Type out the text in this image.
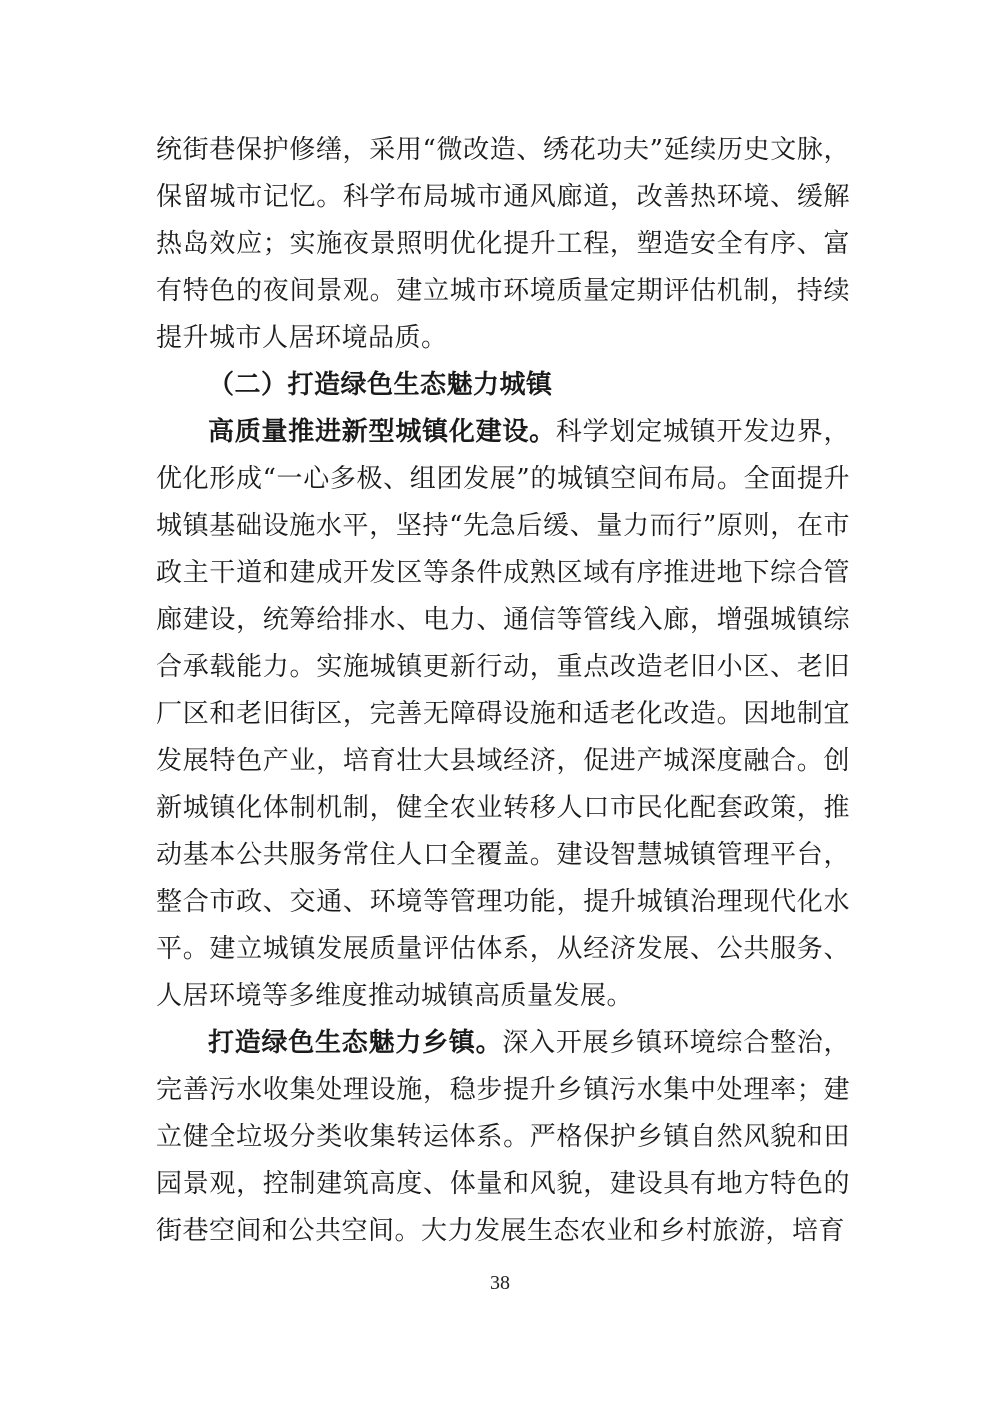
统街巷保护修缮，采用“微改造、绣花功夫”延续历史文脉，保留城市记忆。科学布局城市通风廊道，改善热环境、缓解热岛效应；实施夜景照明优化提升工程，塑造安全有序、富有特色的夜间景观。建立城市环境质量定期评估机制，持续提升城市人居环境品质。

（二）打造绿色生态魅力城镇

高质量推进新型城镇化建设。科学划定城镇开发边界，优化形成“一心多极、组团发展”的城镇空间布局。全面提升城镇基础设施水平，坚持“先急后缓、量力而行”原则，在市政主干道和建成开发区等条件成熟区域有序推进地下综合管廊建设，统筹给排水、电力、通信等管线入廊，增强城镇综合承载能力。实施城镇更新行动，重点改造老旧小区、老旧厂区和老旧街区，完善无障碍设施和适老化改造。因地制宜发展特色产业，培育壮大县域经济，促进产城深度融合。创新城镇化体制机制，健全农业转移人口市民化配套政策，推动基本公共服务常住人口全覆盖。建设智慧城镇管理平台，整合市政、交通、环境等管理功能，提升城镇治理现代化水平。建立城镇发展质量评估体系，从经济发展、公共服务、人居环境等多维度推动城镇高质量发展。

打造绿色生态魅力乡镇。深入开展乡镇环境综合整治，完善污水收集处理设施，稳步提升乡镇污水集中处理率；建立健全垃圾分类收集转运体系。严格保护乡镇自然风貌和田园景观，控制建筑高度、体量和风貌，建设具有地方特色的街巷空间和公共空间。大力发展生态农业和乡村旅游，培育

38
